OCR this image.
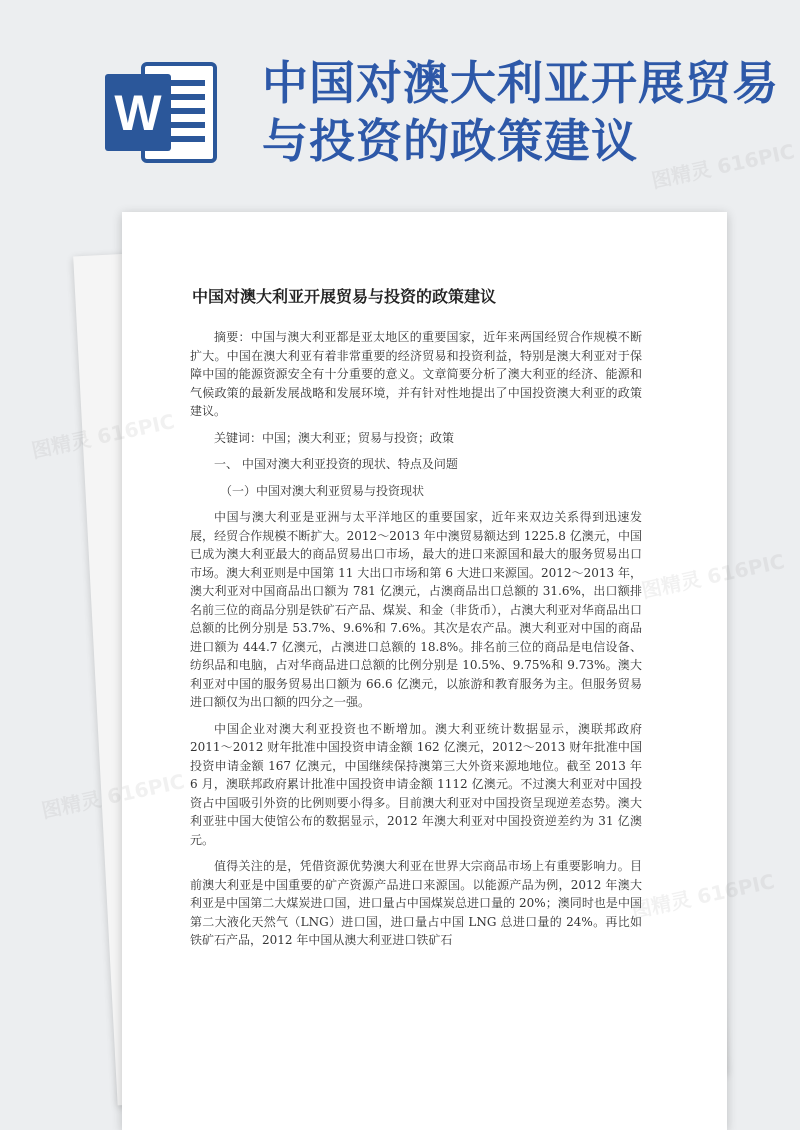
W
中国对澳大利亚开展贸易与投资的政策建议
中国对澳大利亚开展贸易与投资的政策建议

摘要：中国与澳大利亚都是亚太地区的重要国家，近年来两国经贸合作规模不断扩大。中国在澳大利亚有着非常重要的经济贸易和投资利益，特别是澳大利亚对于保障中国的能源资源安全有十分重要的意义。文章简要分析了澳大利亚的经济、能源和气候政策的最新发展战略和发展环境，并有针对性地提出了中国投资澳大利亚的政策建议。

关键词：中国；澳大利亚；贸易与投资；政策

一、 中国对澳大利亚投资的现状、特点及问题

（一）中国对澳大利亚贸易与投资现状

中国与澳大利亚是亚洲与太平洋地区的重要国家，近年来双边关系得到迅速发展，经贸合作规模不断扩大。2012～2013 年中澳贸易额达到 1225.8 亿澳元，中国已成为澳大利亚最大的商品贸易出口市场，最大的进口来源国和最大的服务贸易出口市场。澳大利亚则是中国第 11 大出口市场和第 6 大进口来源国。2012～2013 年，澳大利亚对中国商品出口额为 781 亿澳元，占澳商品出口总额的 31.6%，出口额排名前三位的商品分别是铁矿石产品、煤炭、和金（非货币），占澳大利亚对华商品出口总额的比例分别是 53.7%、9.6%和 7.6%。其次是农产品。澳大利亚对中国的商品进口额为 444.7 亿澳元，占澳进口总额的 18.8%。排名前三位的商品是电信设备、纺织品和电脑，占对华商品进口总额的比例分别是 10.5%、9.75%和 9.73%。澳大利亚对中国的服务贸易出口额为 66.6 亿澳元，以旅游和教育服务为主。但服务贸易进口额仅为出口额的四分之一强。

中国企业对澳大利亚投资也不断增加。澳大利亚统计数据显示，澳联邦政府 2011～2012 财年批准中国投资申请金额 162 亿澳元，2012～2013 财年批准中国投资申请金额 167 亿澳元，中国继续保持澳第三大外资来源地地位。截至 2013 年 6 月，澳联邦政府累计批准中国投资申请金额 1112 亿澳元。不过澳大利亚对中国投资占中国吸引外资的比例则要小得多。目前澳大利亚对中国投资呈现逆差态势。澳大利亚驻中国大使馆公布的数据显示，2012 年澳大利亚对中国投资逆差约为 31 亿澳元。

值得关注的是，凭借资源优势澳大利亚在世界大宗商品市场上有重要影响力。目前澳大利亚是中国重要的矿产资源产品进口来源国。以能源产品为例，2012 年澳大利亚是中国第二大煤炭进口国，进口量占中国煤炭总进口量的 20%；澳同时也是中国第二大液化天然气（LNG）进口国，进口量占中国 LNG 总进口量的 24%。再比如铁矿石产品，2012 年中国从澳大利亚进口铁矿石

图精灵 616PIC
图精灵
616PIC
图精灵
616PIC
